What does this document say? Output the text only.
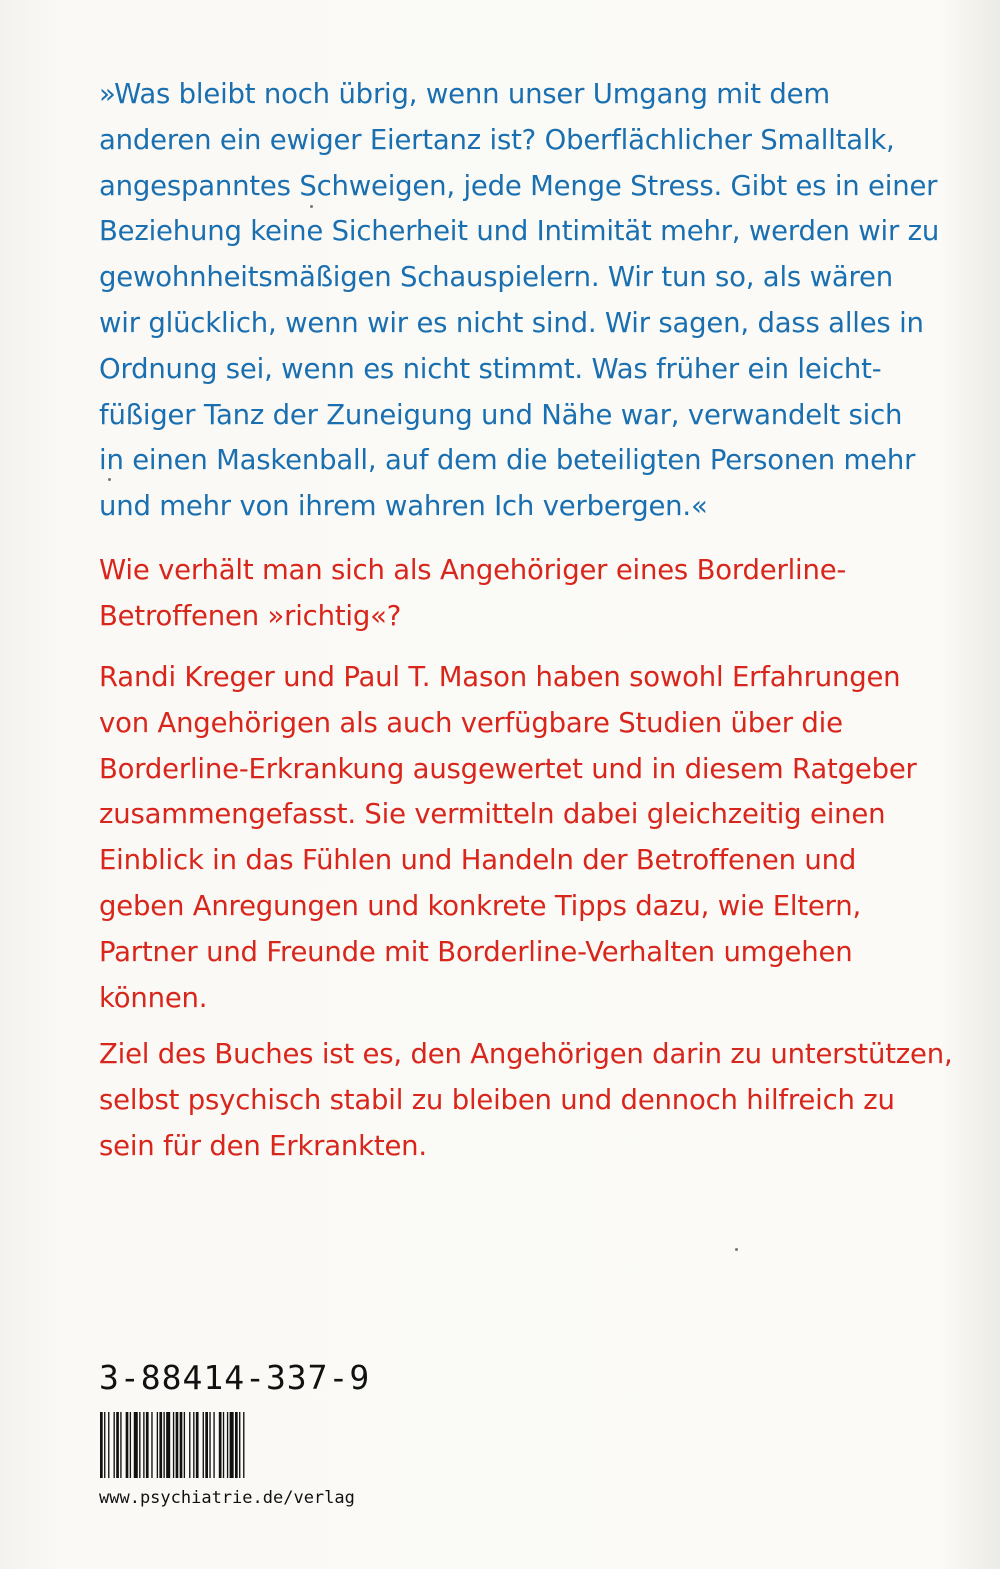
»Was bleibt noch übrig, wenn unser Umgang mit dem
anderen ein ewiger Eiertanz ist? Oberflächlicher Smalltalk,
angespanntes Schweigen, jede Menge Stress. Gibt es in einer
Beziehung keine Sicherheit und Intimität mehr, werden wir zu
gewohnheitsmäßigen Schauspielern. Wir tun so, als wären
wir glücklich, wenn wir es nicht sind. Wir sagen, dass alles in
Ordnung sei, wenn es nicht stimmt. Was früher ein leicht-
füßiger Tanz der Zuneigung und Nähe war, verwandelt sich
in einen Maskenball, auf dem die beteiligten Personen mehr
und mehr von ihrem wahren Ich verbergen.«

Wie verhält man sich als Angehöriger eines Borderline-
Betroffenen »richtig«?

Randi Kreger und Paul T. Mason haben sowohl Erfahrungen
von Angehörigen als auch verfügbare Studien über die
Borderline-Erkrankung ausgewertet und in diesem Ratgeber
zusammengefasst. Sie vermitteln dabei gleichzeitig einen
Einblick in das Fühlen und Handeln der Betroffenen und
geben Anregungen und konkrete Tipps dazu, wie Eltern,
Partner und Freunde mit Borderline-Verhalten umgehen
können.

Ziel des Buches ist es, den Angehörigen darin zu unterstützen,
selbst psychisch stabil zu bleiben und dennoch hilfreich zu
sein für den Erkrankten.

3-88414-337-9
www.psychiatrie.de/verlag
